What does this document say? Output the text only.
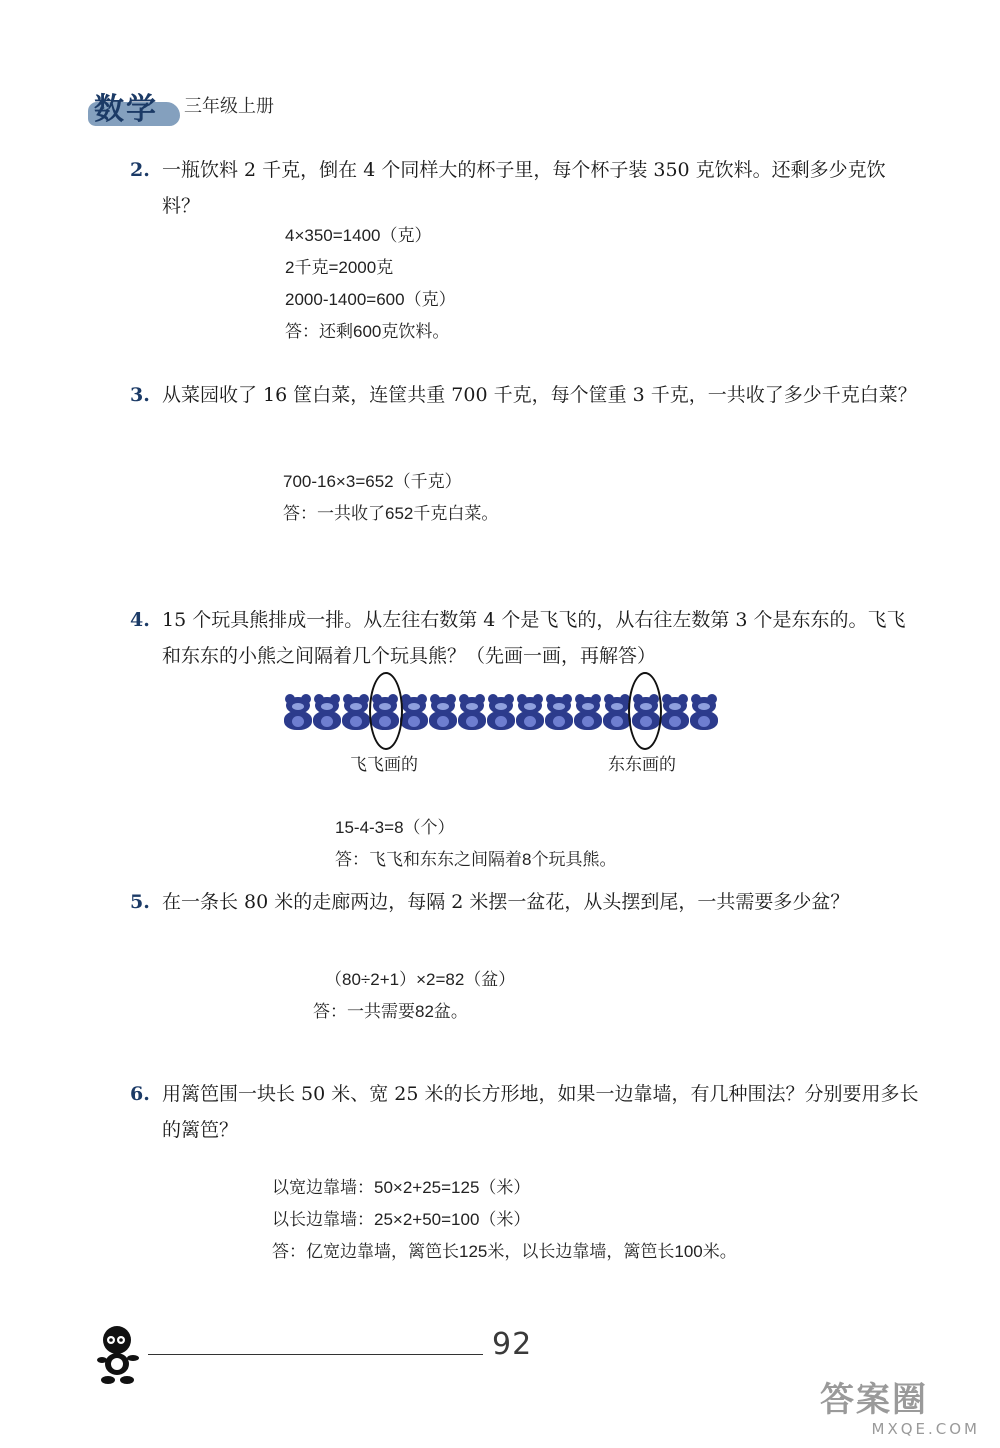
数学 三年级上册
2. 一瓶饮料 2 千克，倒在 4 个同样大的杯子里，每个杯子装 350 克饮料。还剩多少克饮料？
4×350=1400（克）
2千克=2000克
2000-1400=600（克）
答：还剩600克饮料。
3. 从菜园收了 16 筐白菜，连筐共重 700 千克，每个筐重 3 千克，一共收了多少千克白菜？
700-16×3=652（千克）
答：一共收了652千克白菜。
4. 15 个玩具熊排成一排。从左往右数第 4 个是飞飞的，从右往左数第 3 个是东东的。飞飞和东东的小熊之间隔着几个玩具熊？（先画一画，再解答）
飞飞画的	东东画的
15-4-3=8（个）
答：飞飞和东东之间隔着8个玩具熊。
5. 在一条长 80 米的走廊两边，每隔 2 米摆一盆花，从头摆到尾，一共需要多少盆？
（80÷2+1）×2=82（盆）
答：一共需要82盆。
6. 用篱笆围一块长 50 米、宽 25 米的长方形地，如果一边靠墙，有几种围法？分别要用多长的篱笆？
以宽边靠墙：50×2+25=125（米）
以长边靠墙：25×2+50=100（米）
答：亿宽边靠墙，篱笆长125米，以长边靠墙，篱笆长100米。
92
答案圈
MXQE.COM
